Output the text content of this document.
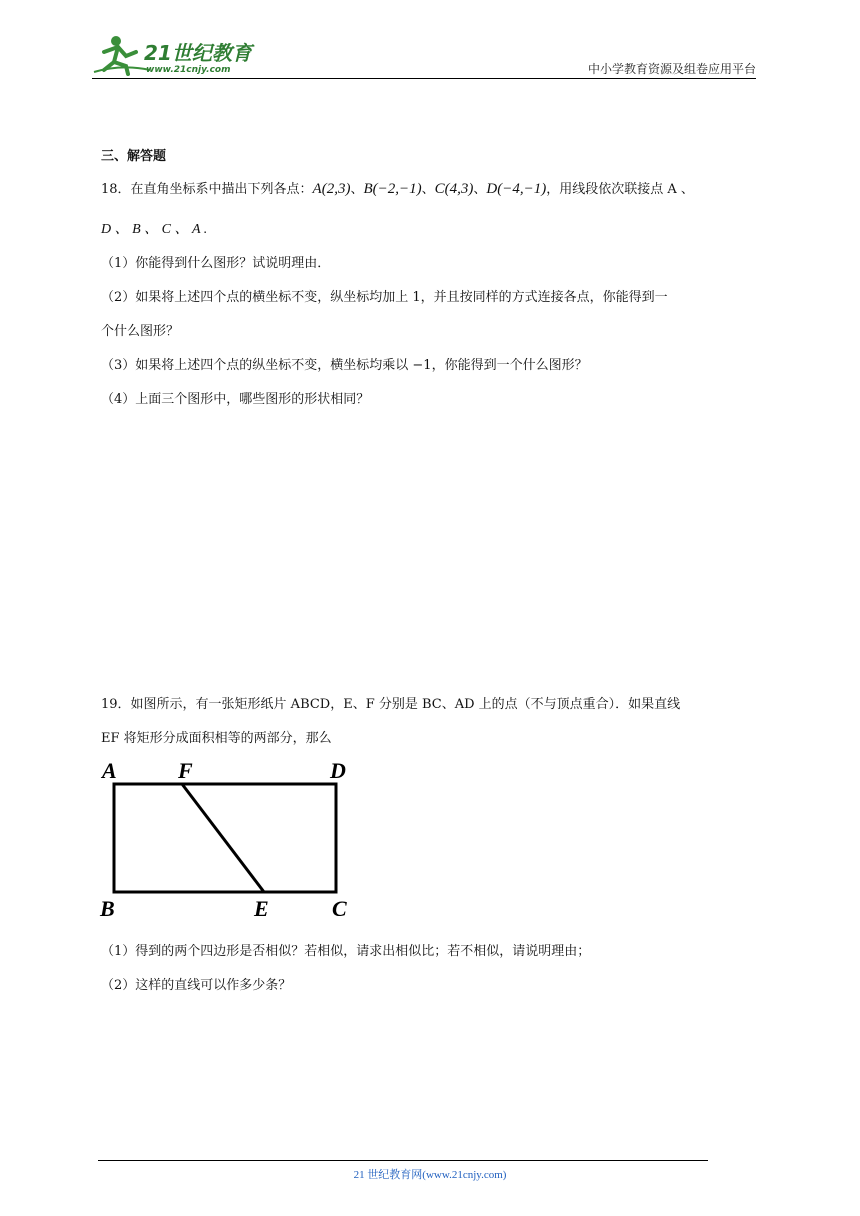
21世纪教育
www.21cnjy.com	中小学教育资源及组卷应用平台
三、解答题
18．在直角坐标系中描出下列各点：A(2,3)、B(−2,−1)、C(4,3)、D(−4,−1)，用线段依次联接点 A 、
D 、 B 、 C 、 A .
（1）你能得到什么图形？试说明理由．
（2）如果将上述四个点的横坐标不变，纵坐标均加上 1，并且按同样的方式连接各点，你能得到一
个什么图形？
（3）如果将上述四个点的纵坐标不变，横坐标均乘以 −1，你能得到一个什么图形？
（4）上面三个图形中，哪些图形的形状相同？
19．如图所示，有一张矩形纸片 ABCD，E、F 分别是 BC、AD 上的点（不与顶点重合）．如果直线
EF 将矩形分成面积相等的两部分，那么
A	F	D
B	E	C
（1）得到的两个四边形是否相似？若相似，请求出相似比；若不相似，请说明理由；
（2）这样的直线可以作多少条？
21 世纪教育网(www.21cnjy.com)
